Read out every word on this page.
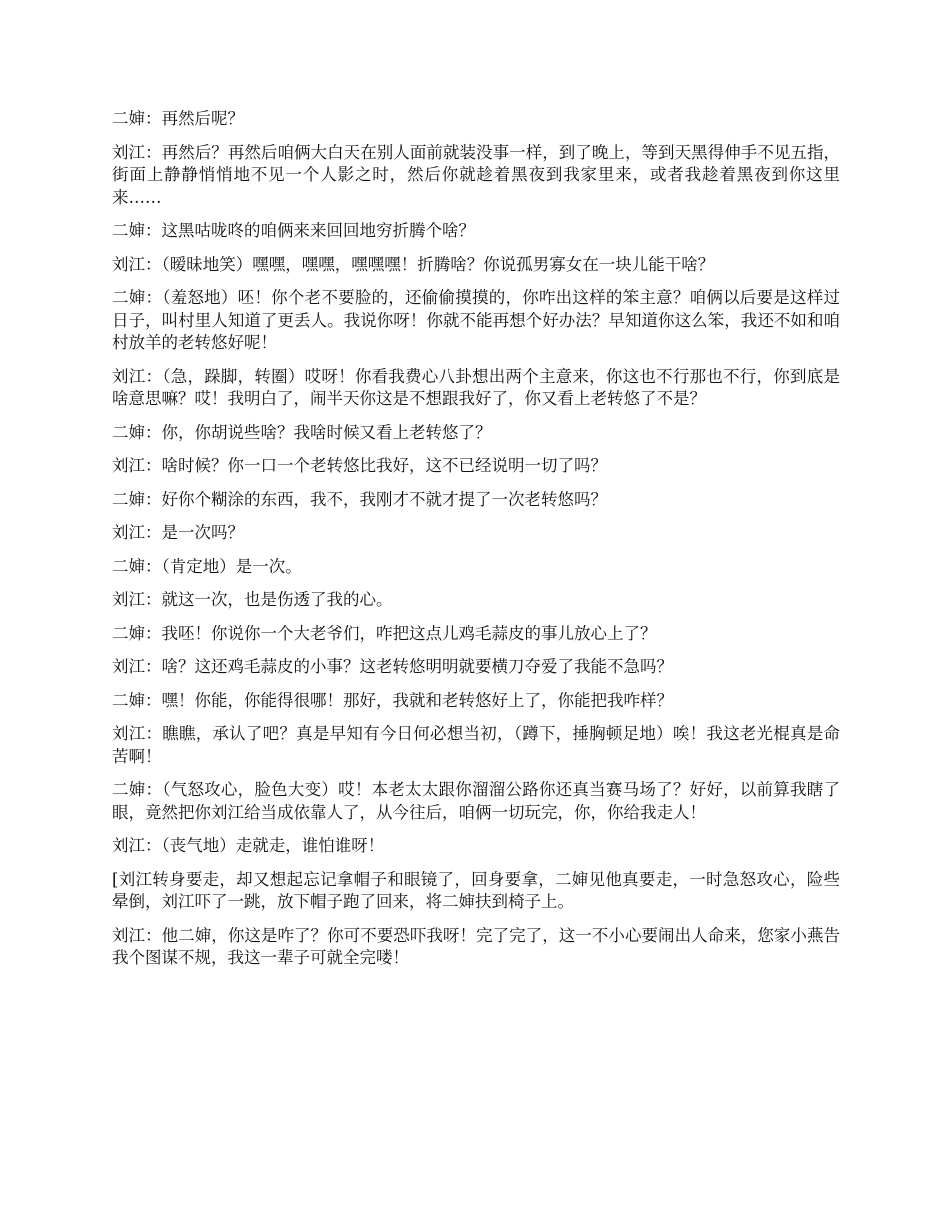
二婶：再然后呢？

刘江：再然后？再然后咱俩大白天在别人面前就装没事一样，到了晚上，等到天黑得伸手不见五指，街面上静静悄悄地不见一个人影之时，然后你就趁着黑夜到我家里来，或者我趁着黑夜到你这里来……

二婶：这黑咕咙咚的咱俩来来回回地穷折腾个啥？

刘江：（暧昧地笑）嘿嘿，嘿嘿，嘿嘿嘿！折腾啥？你说孤男寡女在一块儿能干啥？

二婶：（羞怒地）呸！你个老不要脸的，还偷偷摸摸的，你咋出这样的笨主意？咱俩以后要是这样过日子，叫村里人知道了更丢人。我说你呀！你就不能再想个好办法？早知道你这么笨，我还不如和咱村放羊的老转悠好呢！

刘江：（急，跺脚，转圈）哎呀！你看我费心八卦想出两个主意来，你这也不行那也不行，你到底是啥意思嘛？哎！我明白了，闹半天你这是不想跟我好了，你又看上老转悠了不是？

二婶：你，你胡说些啥？我啥时候又看上老转悠了？

刘江：啥时候？你一口一个老转悠比我好，这不已经说明一切了吗？

二婶：好你个糊涂的东西，我不，我刚才不就才提了一次老转悠吗？

刘江：是一次吗？

二婶：（肯定地）是一次。

刘江：就这一次，也是伤透了我的心。

二婶：我呸！你说你一个大老爷们，咋把这点儿鸡毛蒜皮的事儿放心上了？

刘江：啥？这还鸡毛蒜皮的小事？这老转悠明明就要横刀夺爱了我能不急吗？

二婶：嘿！你能，你能得很哪！那好，我就和老转悠好上了，你能把我咋样？

刘江：瞧瞧，承认了吧？真是早知有今日何必想当初，（蹲下，捶胸顿足地）唉！我这老光棍真是命苦啊！

二婶：（气怒攻心，脸色大变）哎！本老太太跟你溜溜公路你还真当赛马场了？好好，以前算我瞎了眼，竟然把你刘江给当成依靠人了，从今往后，咱俩一切玩完，你，你给我走人！

刘江：（丧气地）走就走，谁怕谁呀！

[刘江转身要走，却又想起忘记拿帽子和眼镜了，回身要拿，二婶见他真要走，一时急怒攻心，险些晕倒，刘江吓了一跳，放下帽子跑了回来，将二婶扶到椅子上。

刘江：他二婶，你这是咋了？你可不要恐吓我呀！完了完了，这一不小心要闹出人命来，您家小燕告我个图谋不规，我这一辈子可就全完喽！
